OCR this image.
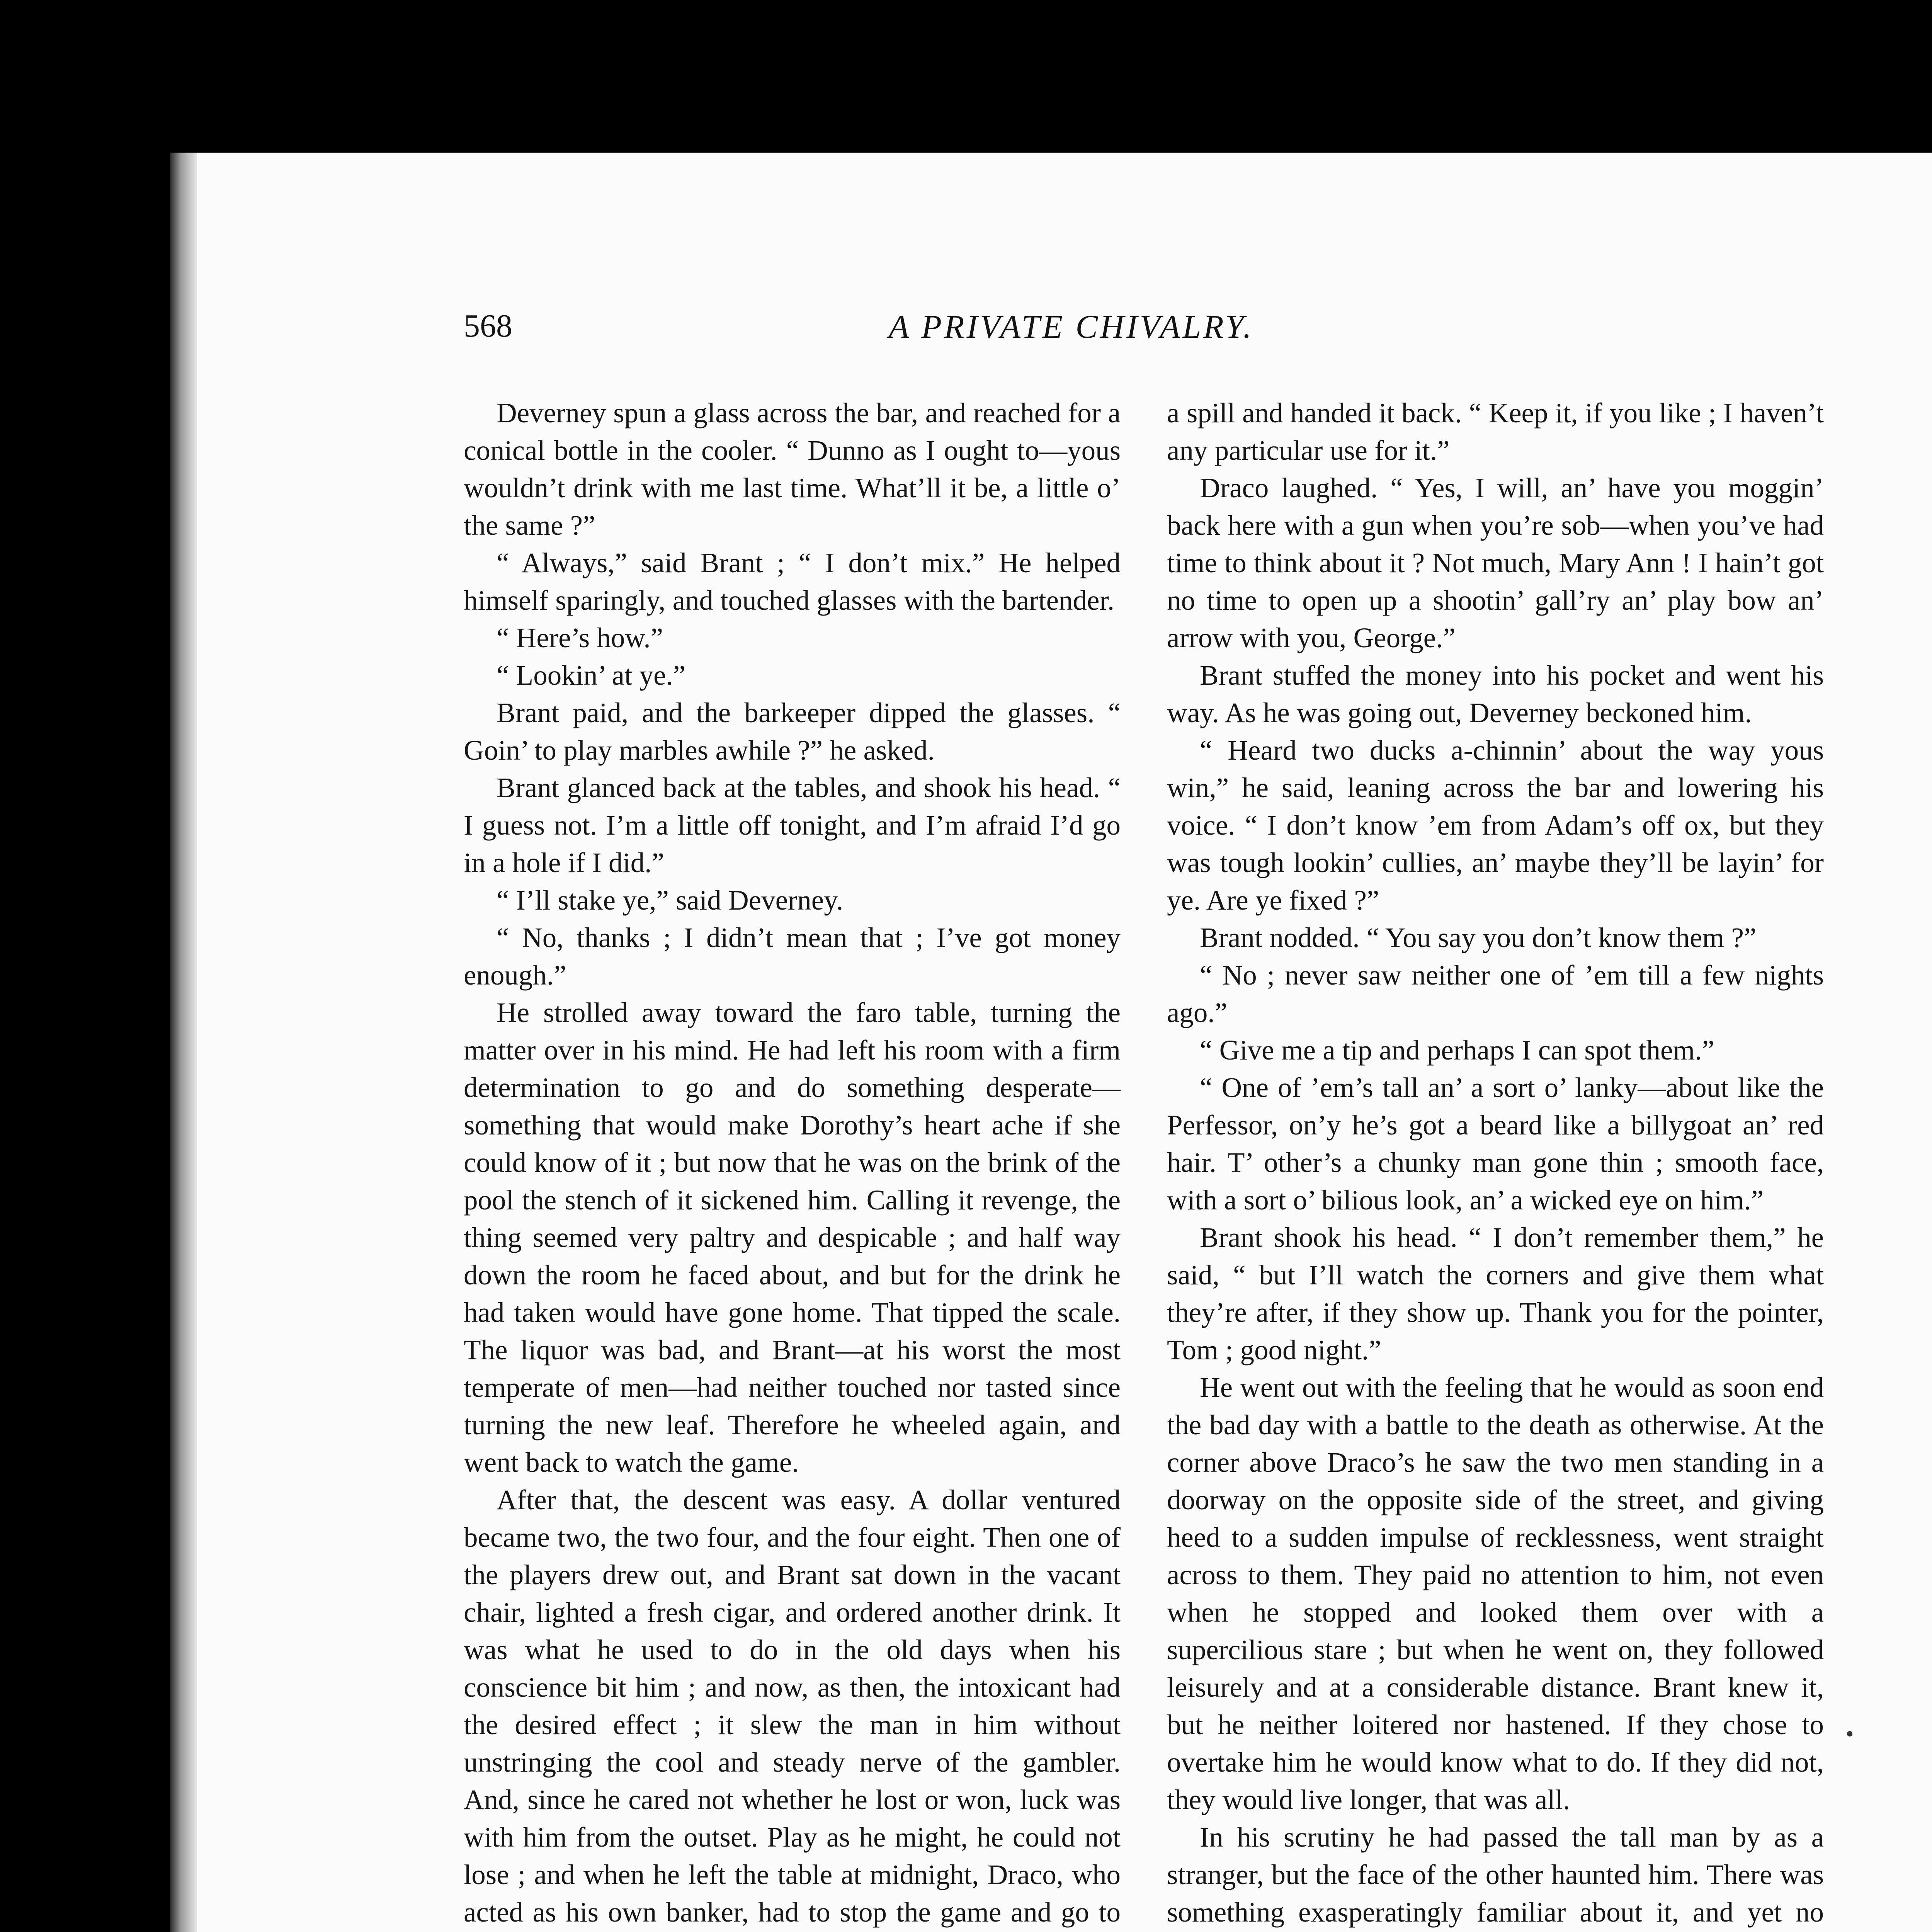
568	A PRIVATE CHIVALRY.

Deverney spun a glass across the bar, and reached for a conical bottle in the cooler. “ Dunno as I ought to—yous wouldn’t drink with me last time. What’ll it be, a little o’ the same ?”

“ Always,” said Brant ; “ I don’t mix.” He helped himself sparingly, and touched glasses with the bartender.

“ Here’s how.”

“ Lookin’ at ye.”

Brant paid, and the barkeeper dipped the glasses. “ Goin’ to play marbles awhile ?” he asked.

Brant glanced back at the tables, and shook his head. “ I guess not. I’m a little off tonight, and I’m afraid I’d go in a hole if I did.”

“ I’ll stake ye,” said Deverney.

“ No, thanks ; I didn’t mean that ; I’ve got money enough.”

He strolled away toward the faro table, turning the matter over in his mind. He had left his room with a firm determination to go and do something desperate—something that would make Dorothy’s heart ache if she could know of it ; but now that he was on the brink of the pool the stench of it sickened him. Calling it revenge, the thing seemed very paltry and despicable ; and half way down the room he faced about, and but for the drink he had taken would have gone home. That tipped the scale. The liquor was bad, and Brant—at his worst the most temperate of men—had neither touched nor tasted since turning the new leaf. Therefore he wheeled again, and went back to watch the game.

After that, the descent was easy. A dollar ventured became two, the two four, and the four eight. Then one of the players drew out, and Brant sat down in the vacant chair, lighted a fresh cigar, and ordered another drink. It was what he used to do in the old days when his conscience bit him ; and now, as then, the intoxicant had the desired effect ; it slew the man in him without unstringing the cool and steady nerve of the gambler. And, since he cared not whether he lost or won, luck was with him from the outset. Play as he might, he could not lose ; and when he left the table at midnight, Draco, who acted as his own banker, had to stop the game and go to

a spill and handed it back. “ Keep it, if you like ; I haven’t any particular use for it.”

Draco laughed. “ Yes, I will, an’ have you moggin’ back here with a gun when you’re sob—when you’ve had time to think about it ? Not much, Mary Ann ! I hain’t got no time to open up a shootin’ gall’ry an’ play bow an’ arrow with you, George.”

Brant stuffed the money into his pocket and went his way. As he was going out, Deverney beckoned him.

“ Heard two ducks a-chinnin’ about the way yous win,” he said, leaning across the bar and lowering his voice. “ I don’t know ’em from Adam’s off ox, but they was tough lookin’ cullies, an’ maybe they’ll be layin’ for ye. Are ye fixed ?”

Brant nodded. “ You say you don’t know them ?”

“ No ; never saw neither one of ’em till a few nights ago.”

“ Give me a tip and perhaps I can spot them.”

“ One of ’em’s tall an’ a sort o’ lanky—about like the Perfessor, on’y he’s got a beard like a billygoat an’ red hair. T’ other’s a chunky man gone thin ; smooth face, with a sort o’ bilious look, an’ a wicked eye on him.”

Brant shook his head. “ I don’t remember them,” he said, “ but I’ll watch the corners and give them what they’re after, if they show up. Thank you for the pointer, Tom ; good night.”

He went out with the feeling that he would as soon end the bad day with a battle to the death as otherwise. At the corner above Draco’s he saw the two men standing in a doorway on the opposite side of the street, and giving heed to a sudden impulse of recklessness, went straight across to them. They paid no attention to him, not even when he stopped and looked them over with a supercilious stare ; but when he went on, they followed leisurely and at a considerable distance. Brant knew it, but he neither loitered nor hastened. If they chose to overtake him he would know what to do. If they did not, they would live longer, that was all.

In his scrutiny he had passed the tall man by as a stranger, but the face of the other haunted him. There was something exasperatingly familiar about it, and yet no
